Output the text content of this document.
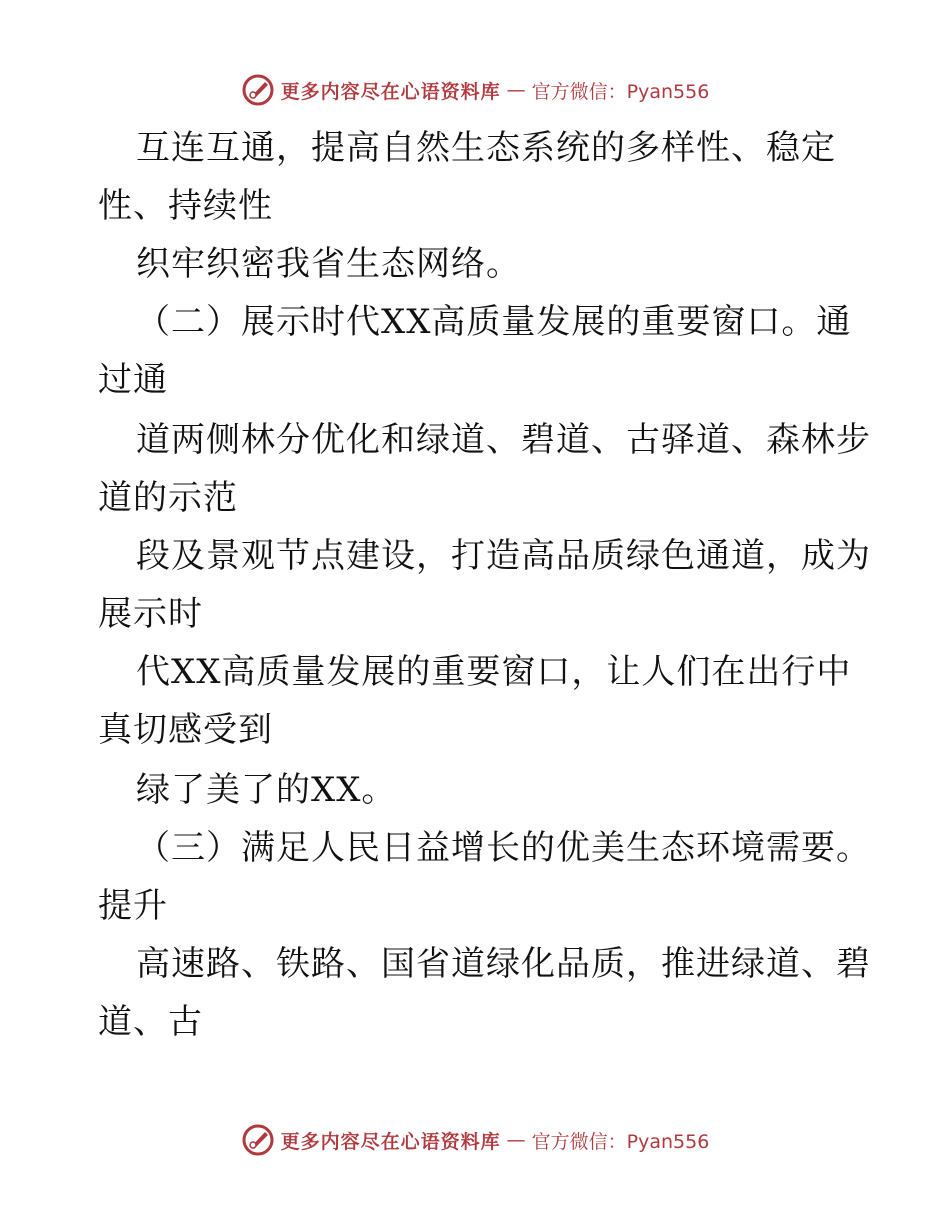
更多内容尽在心语资料库 — 官方微信：Pyan556
互连互通，提高自然生态系统的多样性、稳定
性、持续性
织牢织密我省生态网络。
（二）展示时代XX高质量发展的重要窗口。通
过通
道两侧林分优化和绿道、碧道、古驿道、森林步
道的示范
段及景观节点建设，打造高品质绿色通道，成为
展示时
代XX高质量发展的重要窗口，让人们在出行中
真切感受到
绿了美了的XX。
（三）满足人民日益增长的优美生态环境需要。
提升
高速路、铁路、国省道绿化品质，推进绿道、碧
道、古
更多内容尽在心语资料库 — 官方微信：Pyan556
